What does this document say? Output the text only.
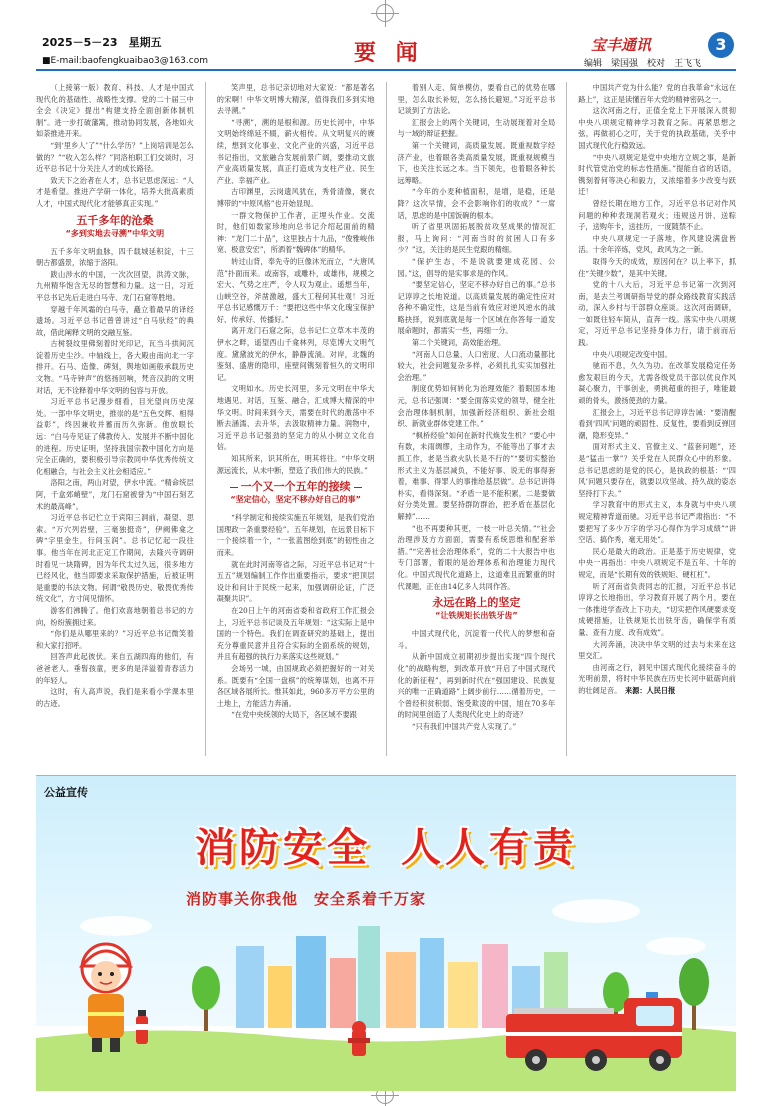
2025－5－23　星期五
■E-mail:baofengkuaibao3@163.com	要 闻	宝丰通讯	3
编辑　梁国强　校对　王飞飞

（上接第一版）教育、科技、人才是中国式现代化的基础性、战略性支撑。党的二十届三中全会《决定》提出“构建支持全面创新体制机制”。进一步打破藩篱，推动协同发展，各地如火如荼推进开来。

“到‘里乡人’了”“什么学历？”上岗培训是怎么做的？”“收入怎么样？”同洛柏职工们交谈时，习近平总书记十分关注人才的成长路径。

致天下之治者在人才，总书记思虑深远：“人才是希望。推进产学研一体化，培养大批高素质人才，中国式现代化才能够真正实现。”

五千多年的沧桑
“多到实地去寻溯”中华文明

五千多年文明血脉，四千载城延积淀，十三朝古都盛景，浓缩于洛阳。

跋山涉水的中国，一次次回望，洪涛文脉，九州精华饱含无尽的智慧和力量。这一日，习近平总书记先后走进白马寺、龙门石窟等胜地。

穿越千年风霜的白马寺，矗立着最早的译经遗场。习近平总书记曾曾讲过“白马驮经”的典故，借此阐释文明的交融互鉴。

古树裂纹里佛刻着时光印记，瓦当斗拱间沉淀着历史尘沙。中轴线上，各大殿由南向北一字排开。石马、造像、碑刻，舆地如画般承载历史文物。“马寺钟声”的悠扬回响，梵音汉韵的文明对话，无不诠释着中华文明的包容与开放。

习近平总书记漫步细看，目光望向历史深处。一部中华文明史，推崇的是“五色交辉、相得益彰”，终因兼收并蓄而历久弥新。他放眼长远：“白马寺见证了佛教传入、发展并不断中国化的进程。历史证明，坚持我国宗教中国化方向是完全正确的，要积极引导宗教同中华优秀传统文化相融合，与社会主义社会相适应。”

洛阳之南，两山对望，伊水中流。“精命统层阿，千盒郊峭壁”，龙门石窟被誉为“中国石刻艺术的最高峰”。

习近平总书记伫立于宾阳三洞前，凝望、思索。“万穴列岩壁，三毫独挺奇”，伊阙佛龛之碑“字里金生，行间玉润”。总书记忆起一段往事。他当年在河北正定工作期间，去隆兴寺调研时看见一块隋碑，因为年代太过久远，很多地方已经风化，他当即要求采取保护措施，后被证明是重要的书法文物。何谓“敬畏历史、敬畏优秀传统文化”，方寸间见情怀。

游客们沸腾了。他们欢喜地朝着总书记的方向，纷纷簇拥过来。

“你们是从哪里来的？”习近平总书记微笑着和大家打招呼。

回答声此起彼伏。来自五湖四海的他们，有爸爸老人、垂髫孩童，更多的是洋溢着青春活力的年轻人。

这时，有人高声说，我们是来看小学课本里的古迹。

笑声里，总书记亲切地对大家说：“都是著名的宋啊！中华文明博大精深，值得我们多到实地去寻溯。”

“寻溯”，溯的是根和源。历史长河中，中华文明始终绵延不辍，薪火相传。从文明复兴的赓续，想到文化事业、文化产业的兴盛，习近平总书记指出，文旅融合发展前景广阔，要推动文旅产业高质量发展，真正打造成为支柱产业、民生产业、幸福产业。

古印渊里，云岗遗风犹在，秀骨清像，褒衣博带的“中原风格”也开始显现。

一群文物保护工作者，正埋头作业。交流时，他们如数家珍地向总书记介绍起面前的精神：“龙门二十品”，这里独占十九品，“俊雅峻伟宽、极意安宏”，所洒着“魏碑体”的精华。

转过山背，奉先寺的巨像沐光而立，“大唐风范”扑面而来。或南容，或雕朴，或雄伟，规模之宏大、气势之庄严，令人叹为观止。遥想当年，山峡空谷，斧凿激越，盛大工程何其壮观！习近平总书记感慨万千：“要把这些中华文化瑰宝保护好、传承好、传播好。”

离开龙门石窟之际，总书记仁立草木丰茂的伊水之畔，遥望西山千龛林列，尽览博大文明气度。黛黛波光的伊水，静静流淌。对岸，北魏的鉴刻、盛唐的隐印，座壁间镌刻着恒久的文明印记。

文明如水。历史长河里，多元文明在中华大地遇见、对话，互鉴、融合，汇成博大精深的中华文明。时间来到今天，需要在时代的激荡中不断去涵濡、去升华，去汲取精神力量。润物中，习近平总书记强劲的坚定力的从小树立文化自信。

知其所来，识其所在，明其将往。“中华文明源远流长，从未中断，塑造了我们伟大的民族。”

一个又一个五年的接续
“坚定信心，坚定不移办好自己的事”

“科学制定和接续实施五年规划，是我们党治国理政一条重要经验”。五年规划，在远景目标下一个接续着一个，“一张蓝图绘到底”的韧性由之而来。

就在此时河南等省之际，习近平总书记对“十五五”规划编制工作作出重要指示，要求“把顶层设计和问计于民统一起来，加强调研论证，广泛凝聚共识”。

在20日上午的河南省委和省政府工作汇报会上，习近平总书记谈及五年规划：“这实际上是中国的一个特色。我们在调查研究的基础上，提出充分尊重民意并且符合实际的全面系统的规划，并且有超强的执行力来落实这些规划。”

会场另一城，由国规政必须把握好的一对关系。既要有“全国一盘棋”的统筹谋划，也离不开各区域各展所长。惟其如此，960多万平方公里的土地上，方能活力奔涌。

“在党中央统领的大局下，各区域不要跟

着别人走、简单模仿，要看自己的优势在哪里，怎么取长补短，怎么扬长避短。”习近平总书记谈到了方法论。

汇报会上的两个关键词，生动展现着对全局与一域的辩证把握。

第一个关键词，高质量发展。既重视数字经济产业，也着眼各类高质量发展，既重视规模当下，也关注长远之本。当下领先，也着眼各种长远筹略。

“今年的小麦种植面积，是增，是稳，还是降？这次早情，会不会影响你们的收成？”一席话，思虑的是中国饭碗的根本。

听了省里巩固拓展脱贫攻坚成果的情况汇报，马上询问：“河南当时的贫困人口有多少？”这，关注的是民生党跟的精细。

“保护生态，不是说就要建成花园、公园。”这，倡导的是实事求是的作风。

“要坚定信心，坚定不移办好自己的事。”总书记谆谆之长地说道。以高质量发展的确定性应对各种不确定性，这是当前有效应对逆风逆水的战略抉择，说到底就是每一个区域在你答每一道发展命题时，都需实一些，再细一分。

第二个关键词，高效能治理。

“河南人口总量、人口密度、人口流动量都比较大，社会问题复杂多样，必须扎扎实实加强社会治理。”

制度优势如何转化为治理效能？着眼国本地元，总书记强调：“要全面落实党的领导，健全社会治理体制机制，加强新经济组织、新社会组织、新就业群体党建工作。”

“枫桥经验”如何在新时代焕发生机？“要心中有数，未雨绸缪，主动作为，不能等出了事才去抓工作，老是当救火队长是不行的”“要切实整治形式主义为基层减负，不能好事、说无的事得套着，难事、得罪人的事推给基层做”。总书记讲得朴实，看得深刻。“矛盾一是不能积累，二是要做好分类处置。要坚持群防群治，把矛盾在基层化解掉”……

“也不再要种其更，一枝一叶总关情。”“社会治理涉及方方面面，需要有系统思维和配套举措。”“完善社会治理体系”，党的二十大报告中也专门部署，着眼的是治理体系和治理能力现代化。中国式现代化道路上，这道难且而繁重的时代课题，正在由14亿多人共同作答。

永远在路上的坚定
“让铁规矩长出铁牙齿”

中国式现代化，沉淀着一代代人的梦想和奋斗。

从新中国成立初期初步提出实现“四个现代化”的战略构想，到改革开放“开启了中国式现代化的新征程”，再到新时代在“强国建设、民族复兴的唯一正确道路”上阔步前行……循着历史，一个曾经积贫积弱、饱受欺凌的中国，旭在70多年的时间里创造了人类现代化史上的奇迹？

“只有我们中国共产党人实现了。”

中国共产党为什么能？党的自我革命“永远在路上”，这正是读懂百年大党的精神密码之一。

这次河南之行，正值全党上下开展深入贯彻中央八项规定精神学习教育之际。再紧思想之弦，再做初心之叮，关于党的执政基础，关乎中国式现代化行稳致远。

“中央八项规定是党中央地方立规之事，是新时代管党治党的标志性措施。”提能自省的话语，镌刻着何等决心和毅力，又浓缩着多少改变与跃迁！

曾经长期在地方工作，习近平总书记对作风问题的种种表现洞若观火；违规送月饼、送粽子，送购年卡，送挂历，一度随禁不止。

中央八项规定一子落地，作风建设满盘皆活。十余年淬炼，党风，政风为之一新。

取得今天的成效，原因何在？以上率下，抓住“关键少数”，是其中关键。

党的十八大后，习近平总书记第一次到河南，是去兰考调研指导党的群众路线教育实践活动，深入乡村与干部群众座谈。这次河南调研，一如既往轻车简从，直奔一线。落实中央八项规定，习近平总书记坚持身体力行，请于前而后践。

中央八项规定改变中国。

驰而不息，久久为功。在改革发展稳定任务愈发艰巨的今天，尤需各级党员干部以优良作风凝心聚力，干事创业，勇挑超重的担子，唯能最顽的骨头，激扬使劲的力量。

汇报会上，习近平总书记谆谆告诫：“要清醒看到‘四风’问题的顽固性、反复性，要看到反弹回潮，隐形变异。”

面对形式主义、官僚主义、“蓝套问题”，还是“猛击一掌”？关乎党在人民群众心中的形象。总书记思虑的是党的民心，是执政的根基：“‘四风’问题只要存在，就要以攻坚战、持久战的姿态坚持打下去。”

学习教育中的形式主义，本身就与中央八项规定精神背道而驰。习近平总书记严肃指出：“不要把写了多少万字的学习心得作为学习成绩”“讲空话、搞作秀，毫无用处”。

民心是最大的政治。正是基于历史规律，党中央一再指出：中央八项规定不是五年、十年的规定，而是“长期有效的铁规矩、硬杠杠”。

听了河南省负责同志的汇报，习近平总书记谆谆之长地指出，学习教育开展了两个月，要在一体推进学查改上下功夫，“切实把作风硬要求变成硬措施，让铁规矩长出铁牙齿，确保学有质量、查有力度、改有成效”。

大河奔涌，决决中华文明的过去与未来在这里交汇。

由河南之行，洞见中国式现代化接续奋斗的光明前景，将时中华民族在历史长河中砥砺向前的壮阔足音。　 来源：人民日报

公益宣传
消防安全 人人有责
消防事关你我他　安全系着千万家
